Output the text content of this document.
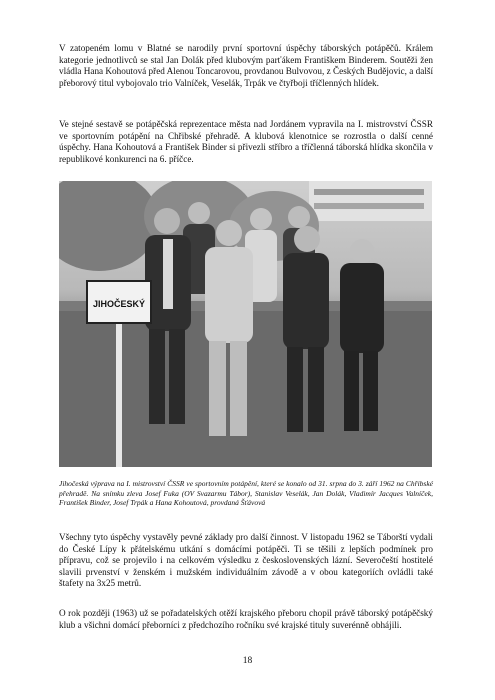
V zatopeném lomu v Blatné se narodily první sportovní úspěchy táborských potápěčů. Králem kategorie jednotlivců se stal Jan Dolák před klubovým parťákem Františkem Binderem. Soutěži žen vládla Hana Kohoutová před Alenou Toncarovou, provdanou Bulvovou, z Českých Budějovic, a další přeborový titul vybojovalo trio Valníček, Veselák, Trpák ve čtyřboji tříčlenných hlídek.

Ve stejné sestavě se potápěčská reprezentace města nad Jordánem vypravila na I. mistrovství ČSSR ve sportovním potápění na Chřibské přehradě. A klubová klenotnice se rozrostla o další cenné úspěchy. Hana Kohoutová a František Binder si přivezli stříbro a tříčlenná táborská hlídka skončila v republikové konkurenci na 6. příčce.

JIHOČESKÝ

Jihočeská výprava na I. mistrovství ČSSR ve sportovním potápění, které se konalo od 31. srpna do 3. září 1962 na Chřibské přehradě. Na snímku zleva Josef Fuka (OV Svazarmu Tábor), Stanislav Veselák, Jan Dolák, Vladimír Jacques Valníček, František Binder, Josef Trpák a Hana Kohoutová, provdaná Šťávová

Všechny tyto úspěchy vystavěly pevné základy pro další činnost. V listopadu 1962 se Táborští vydali do České Lípy k přátelskému utkání s domácími potápěči. Ti se těšili z lepších podmínek pro přípravu, což se projevilo i na celkovém výsledku z československých lázní. Severočeští hostitelé slavili prvenství v ženském i mužském individuálním závodě a v obou kategoriích ovládli také štafety na 3x25 metrů.

O rok později (1963) už se pořadatelských otěží krajského přeboru chopil právě táborský potápěčský klub a všichni domácí přeborníci z předchozího ročníku své krajské tituly suverénně obhájili.

18
